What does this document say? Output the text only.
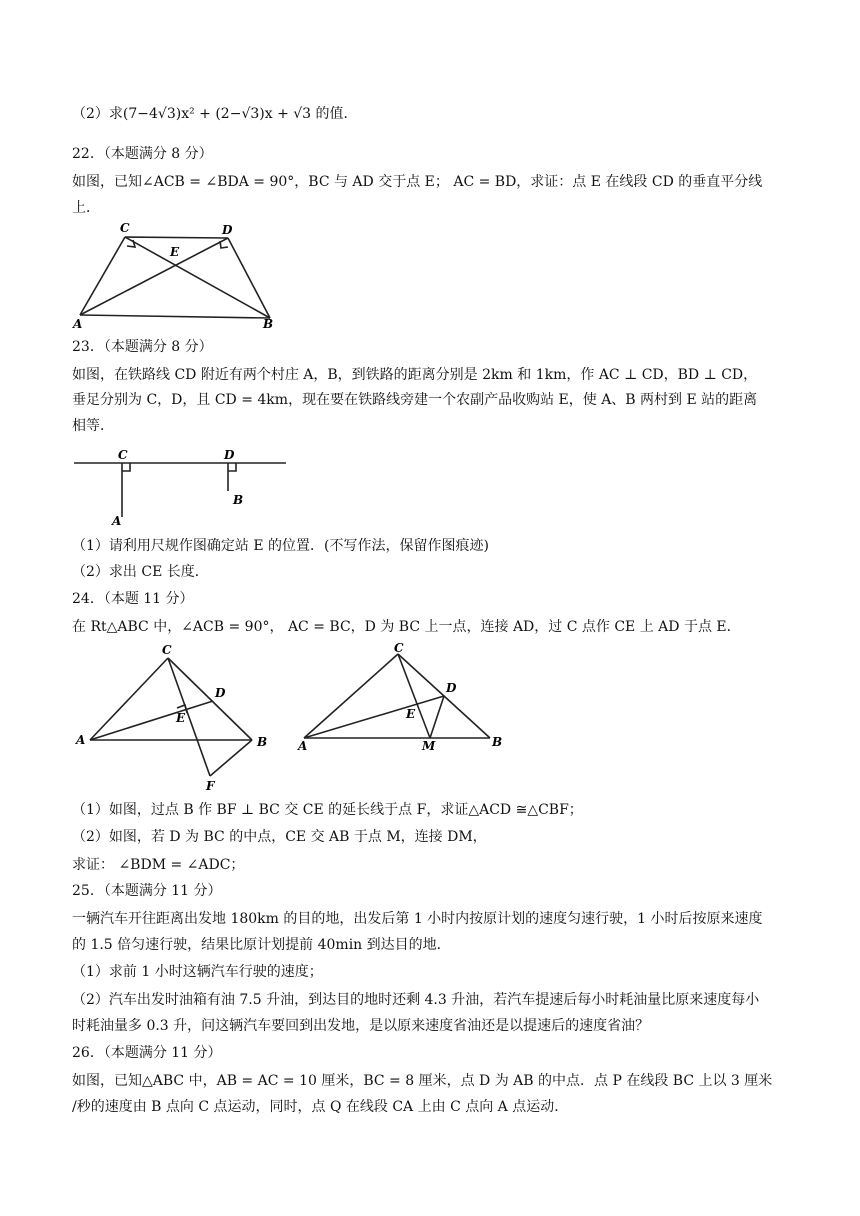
（2）求(7−4√3)x² + (2−√3)x + √3 的值．
22．（本题满分 8 分）
如图，已知∠ACB = ∠BDA = 90°，BC 与 AD 交于点 E； AC = BD，求证：点 E 在线段 CD 的垂直平分线
上．
C	D
E
A	B
23．（本题满分 8 分）
如图，在铁路线 CD 附近有两个村庄 A，B，到铁路的距离分别是 2km 和 1km，作 AC ⊥ CD，BD ⊥ CD，
垂足分别为 C，D，且 CD = 4km，现在要在铁路线旁建一个农副产品收购站 E，使 A、B 两村到 E 站的距离
相等．
C	D
A
B
（1）请利用尺规作图确定站 E 的位置．(不写作法，保留作图痕迹)
（2）求出 CE 长度．
24．（本题 11 分）
在 Rt△ABC 中，∠ACB = 90°， AC = BC，D 为 BC 上一点，连接 AD，过 C 点作 CE 上 AD 于点 E．
C
D
E
A	B
F
C
D
E
A	M	B
（1）如图，过点 B 作 BF ⊥ BC 交 CE 的延长线于点 F，求证△ACD ≅△CBF；
（2）如图，若 D 为 BC 的中点，CE 交 AB 于点 M，连接 DM，
求证： ∠BDM = ∠ADC；
25．（本题满分 11 分）
一辆汽车开往距离出发地 180km 的目的地，出发后第 1 小时内按原计划的速度匀速行驶，1 小时后按原来速度
的 1.5 倍匀速行驶，结果比原计划提前 40min 到达目的地．
（1）求前 1 小时这辆汽车行驶的速度；
（2）汽车出发时油箱有油 7.5 升油，到达目的地时还剩 4.3 升油，若汽车提速后每小时耗油量比原来速度每小
时耗油量多 0.3 升，问这辆汽车要回到出发地，是以原来速度省油还是以提速后的速度省油？
26．（本题满分 11 分）
如图，已知△ABC 中，AB = AC = 10 厘米，BC = 8 厘米，点 D 为 AB 的中点．点 P 在线段 BC 上以 3 厘米
/秒的速度由 B 点向 C 点运动，同时，点 Q 在线段 CA 上由 C 点向 A 点运动．
